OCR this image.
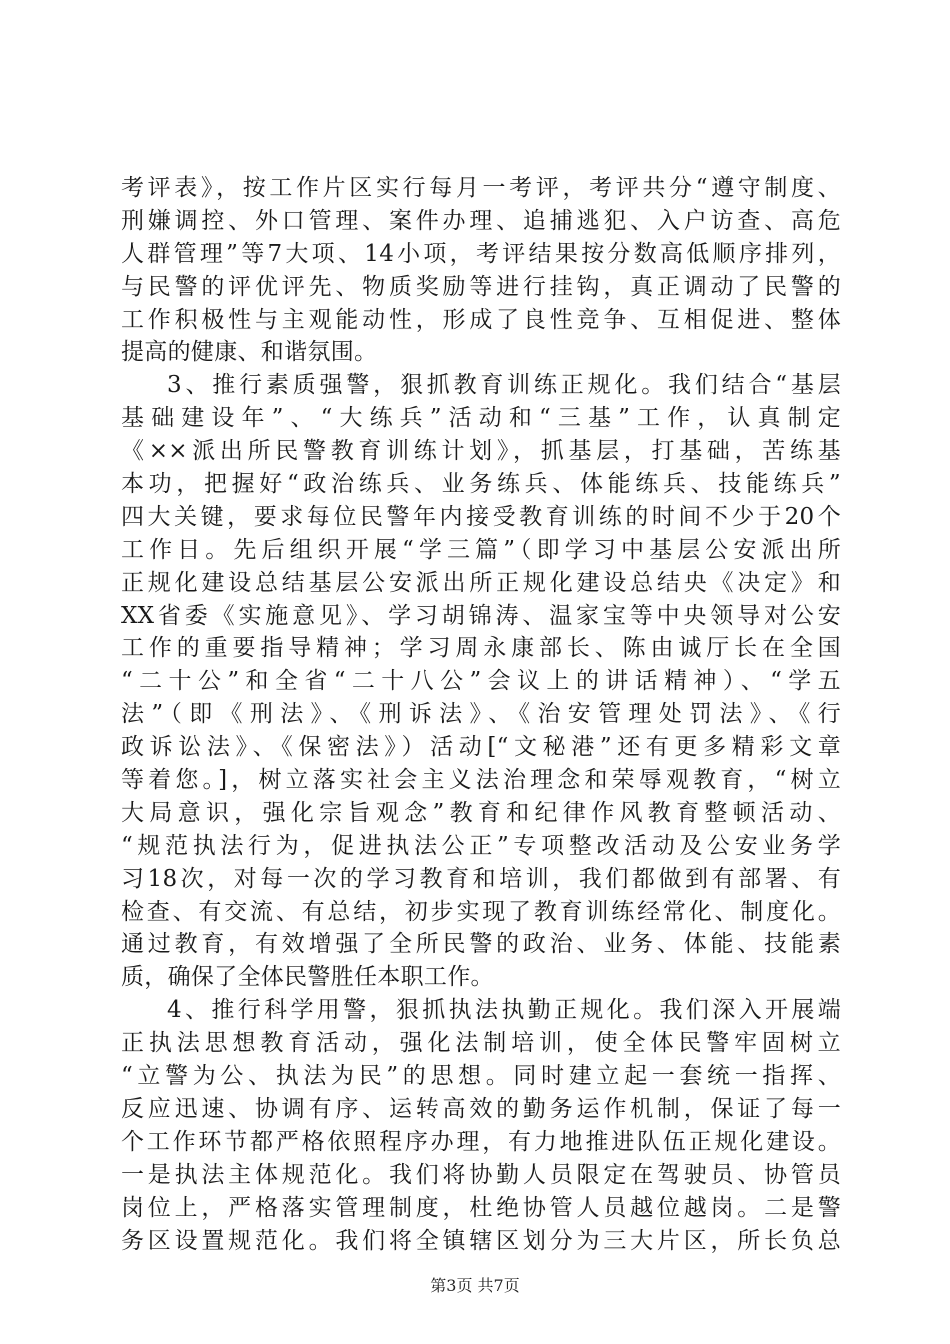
考评表》，按工作片区实行每月一考评，考评共分“遵守制度、
刑嫌调控、外口管理、案件办理、追捕逃犯、入户访查、高危
人群管理”等7大项、14小项，考评结果按分数高低顺序排列，
与民警的评优评先、物质奖励等进行挂钩，真正调动了民警的
工作积极性与主观能动性，形成了良性竞争、互相促进、整体
提高的健康、和谐氛围。
3、推行素质强警，狠抓教育训练正规化。我们结合“基层
基础建设年”、“大练兵”活动和“三基”工作，认真制定
《××派出所民警教育训练计划》，抓基层，打基础，苦练基
本功，把握好“政治练兵、业务练兵、体能练兵、技能练兵”
四大关键，要求每位民警年内接受教育训练的时间不少于20个
工作日。先后组织开展“学三篇”（即学习中基层公安派出所
正规化建设总结基层公安派出所正规化建设总结央《决定》和
XX省委《实施意见》、学习胡锦涛、温家宝等中央领导对公安
工作的重要指导精神；学习周永康部长、陈由诚厅长在全国
“二十公”和全省“二十八公”会议上的讲话精神）、“学五
法”（即《刑法》、《刑诉法》、《治安管理处罚法》、《行
政诉讼法》、《保密法》）活动[“文秘港”还有更多精彩文章
等着您。]，树立落实社会主义法治理念和荣辱观教育，“树立
大局意识，强化宗旨观念”教育和纪律作风教育整顿活动、
“规范执法行为，促进执法公正”专项整改活动及公安业务学
习18次，对每一次的学习教育和培训，我们都做到有部署、有
检查、有交流、有总结，初步实现了教育训练经常化、制度化。
通过教育，有效增强了全所民警的政治、业务、体能、技能素
质，确保了全体民警胜任本职工作。
4、推行科学用警，狠抓执法执勤正规化。我们深入开展端
正执法思想教育活动，强化法制培训，使全体民警牢固树立
“立警为公、执法为民”的思想。同时建立起一套统一指挥、
反应迅速、协调有序、运转高效的勤务运作机制，保证了每一
个工作环节都严格依照程序办理，有力地推进队伍正规化建设。
一是执法主体规范化。我们将协勤人员限定在驾驶员、协管员
岗位上，严格落实管理制度，杜绝协管人员越位越岗。二是警
务区设置规范化。我们将全镇辖区划分为三大片区，所长负总
第3页 共7页
